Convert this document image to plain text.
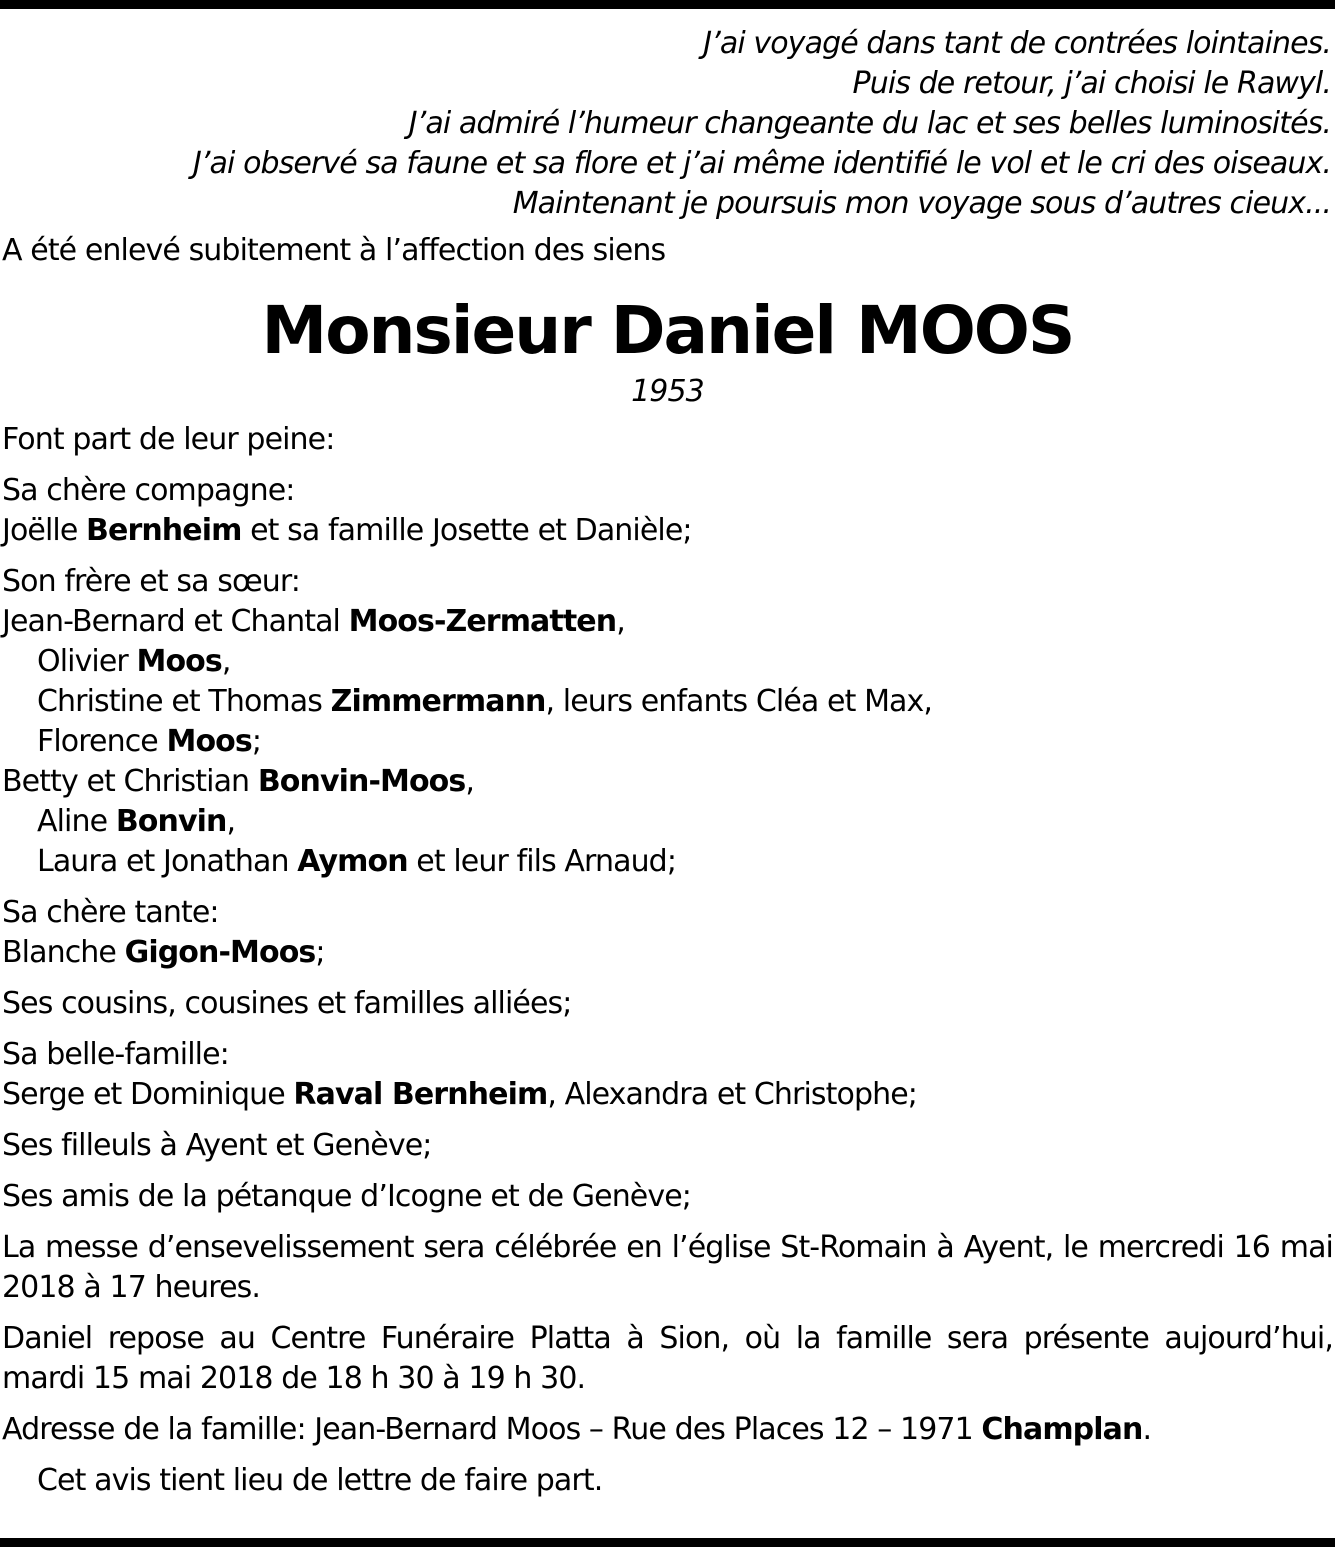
J’ai voyagé dans tant de contrées lointaines.
Puis de retour, j’ai choisi le Rawyl.
J’ai admiré l’humeur changeante du lac et ses belles luminosités.
J’ai observé sa faune et sa flore et j’ai même identifié le vol et le cri des oiseaux.
Maintenant je poursuis mon voyage sous d’autres cieux...
A été enlevé subitement à l’affection des siens
Monsieur Daniel MOOS
1953
Font part de leur peine:
Sa chère compagne:
Joëlle Bernheim et sa famille Josette et Danièle;
Son frère et sa sœur:
Jean-Bernard et Chantal Moos-Zermatten,
Olivier Moos,
Christine et Thomas Zimmermann, leurs enfants Cléa et Max,
Florence Moos;
Betty et Christian Bonvin-Moos,
Aline Bonvin,
Laura et Jonathan Aymon et leur fils Arnaud;
Sa chère tante:
Blanche Gigon-Moos;
Ses cousins, cousines et familles alliées;
Sa belle-famille:
Serge et Dominique Raval Bernheim, Alexandra et Christophe;
Ses filleuls à Ayent et Genève;
Ses amis de la pétanque d’Icogne et de Genève;
La messe d’ensevelissement sera célébrée en l’église St-Romain à Ayent, le mercredi 16 mai 2018 à 17 heures.
Daniel repose au Centre Funéraire Platta à Sion, où la famille sera présente aujourd’hui, mardi 15 mai 2018 de 18 h 30 à 19 h 30.
Adresse de la famille: Jean-Bernard Moos – Rue des Places 12 – 1971 Champlan.
Cet avis tient lieu de lettre de faire part.
